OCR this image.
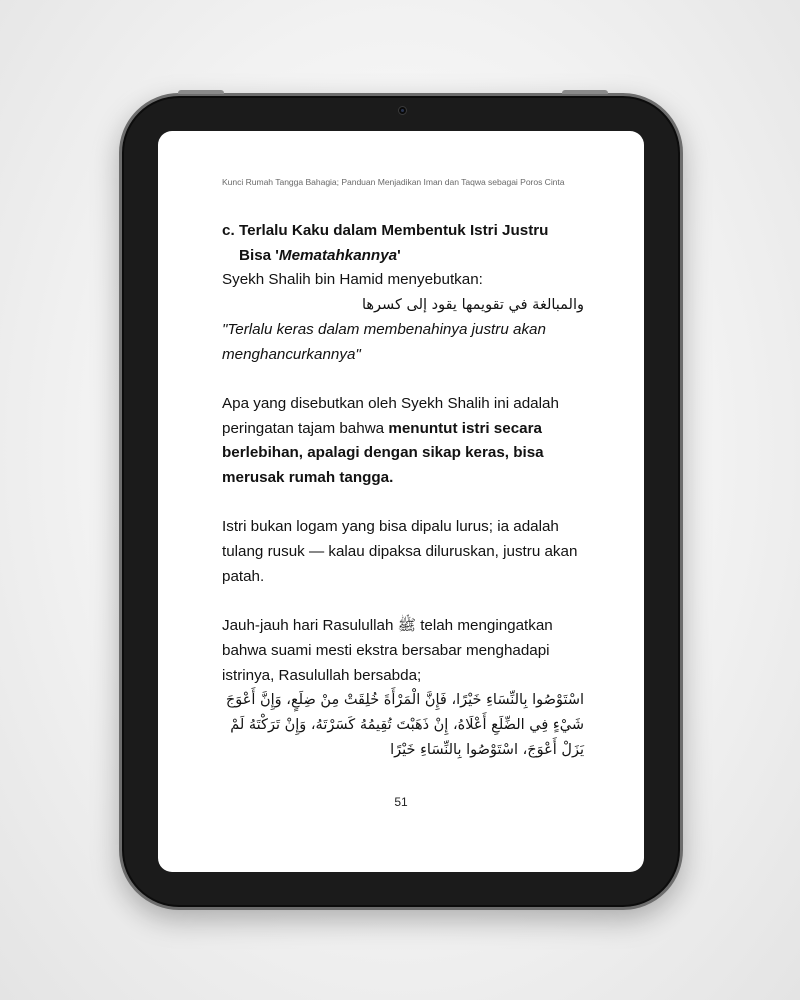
Kunci Rumah Tangga Bahagia; Panduan Menjadikan Iman dan Taqwa sebagai Poros Cinta
c. Terlalu Kaku dalam Membentuk Istri Justru Bisa 'Mematahkannya'
Syekh Shalih bin Hamid menyebutkan:
والمبالغة في تقويمها يقود إلى كسرها
"Terlalu keras dalam membenahinya justru akan menghancurkannya"
Apa yang disebutkan oleh Syekh Shalih ini adalah peringatan tajam bahwa menuntut istri secara berlebihan, apalagi dengan sikap keras, bisa merusak rumah tangga.
Istri bukan logam yang bisa dipalu lurus; ia adalah tulang rusuk — kalau dipaksa diluruskan, justru akan patah.
Jauh-jauh hari Rasulullah ﷺ telah mengingatkan bahwa suami mesti ekstra bersabar menghadapi istrinya, Rasulullah bersabda;
اسْتَوْصُوا بِالنِّسَاءِ خَيْرًا، فَإِنَّ الْمَرْأَةَ خُلِقَتْ مِنْ ضِلَعٍ، وَإِنَّ أَعْوَجَ شَيْءٍ فِي الضِّلَعِ أَعْلَاهُ، إِنْ ذَهَبْتَ تُقِيمُهُ كَسَرْتَهُ، وَإِنْ تَرَكْتَهُ لَمْ يَزَلْ أَعْوَجَ، اسْتَوْصُوا بِالنِّسَاءِ خَيْرًا
51
